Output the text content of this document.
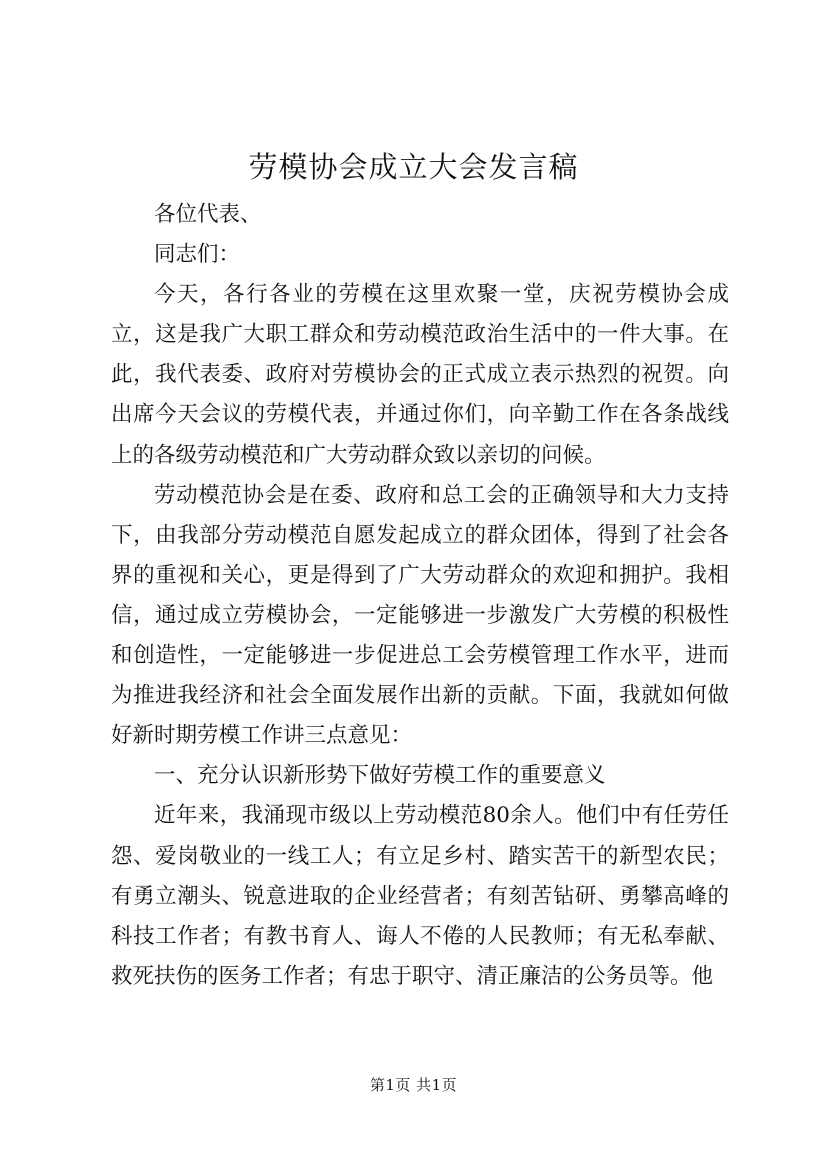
劳模协会成立大会发言稿

各位代表、

同志们：

今天，各行各业的劳模在这里欢聚一堂，庆祝劳模协会成立，这是我广大职工群众和劳动模范政治生活中的一件大事。在此，我代表委、政府对劳模协会的正式成立表示热烈的祝贺。向出席今天会议的劳模代表，并通过你们，向辛勤工作在各条战线上的各级劳动模范和广大劳动群众致以亲切的问候。

劳动模范协会是在委、政府和总工会的正确领导和大力支持下，由我部分劳动模范自愿发起成立的群众团体，得到了社会各界的重视和关心，更是得到了广大劳动群众的欢迎和拥护。我相信，通过成立劳模协会，一定能够进一步激发广大劳模的积极性和创造性，一定能够进一步促进总工会劳模管理工作水平，进而为推进我经济和社会全面发展作出新的贡献。下面，我就如何做好新时期劳模工作讲三点意见：

一、充分认识新形势下做好劳模工作的重要意义

近年来，我涌现市级以上劳动模范80余人。他们中有任劳任怨、爱岗敬业的一线工人；有立足乡村、踏实苦干的新型农民；有勇立潮头、锐意进取的企业经营者；有刻苦钻研、勇攀高峰的科技工作者；有教书育人、诲人不倦的人民教师；有无私奉献、救死扶伤的医务工作者；有忠于职守、清正廉洁的公务员等。他

第1页 共1页
